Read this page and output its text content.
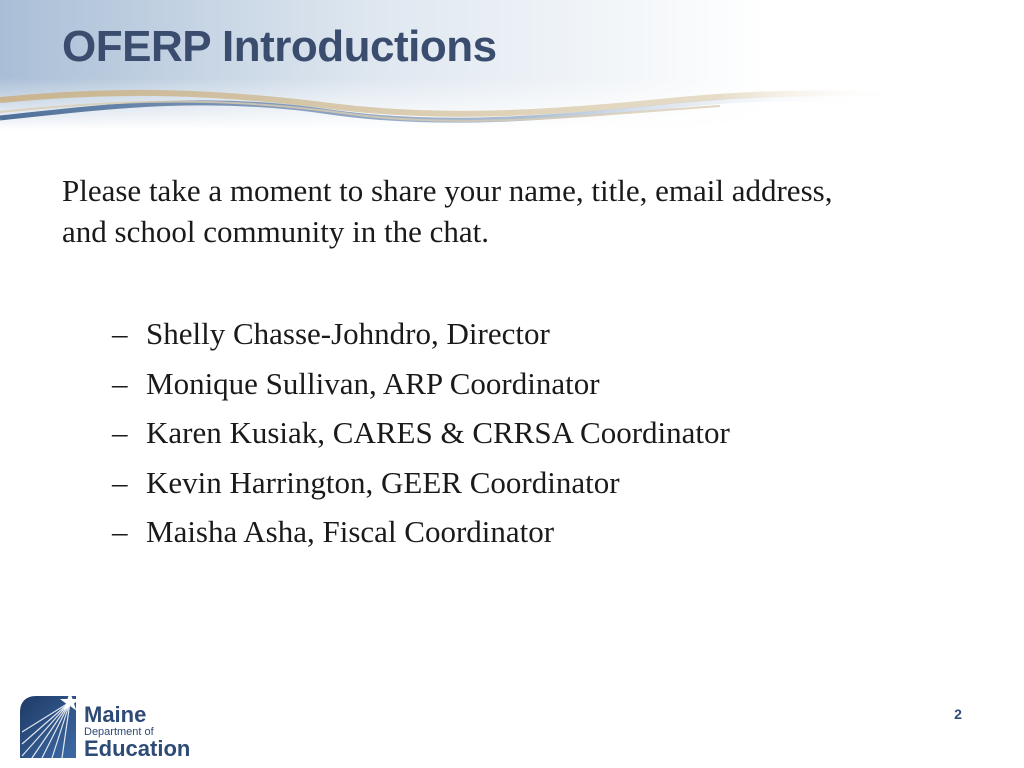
OFERP Introductions

Please take a moment to share your name, title, email address,
and school community in the chat.

– Shelly Chasse-Johndro, Director
– Monique Sullivan, ARP Coordinator
– Karen Kusiak, CARES & CRRSA Coordinator
– Kevin Harrington, GEER Coordinator
– Maisha Asha, Fiscal Coordinator
Maine
Department of
Education
2
